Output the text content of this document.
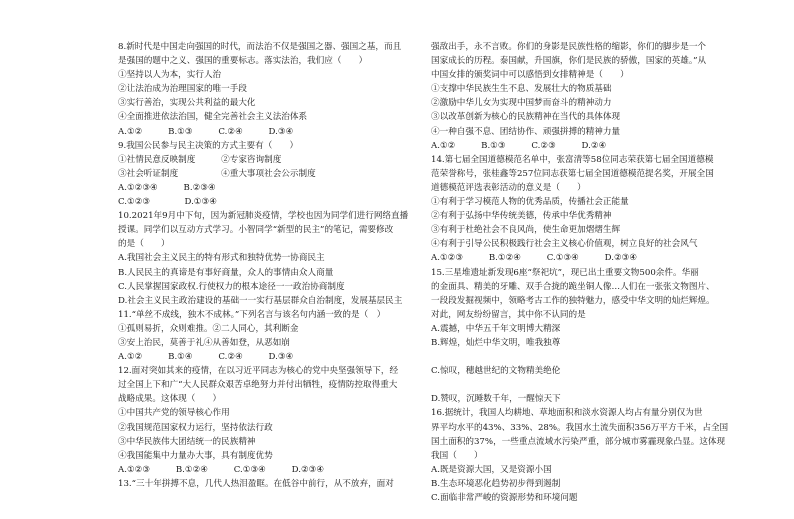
8.新时代是中国走向强国的时代，而法治不仅是强国之器、强国之基，而且
是强国的题中之义、强国的重要标志。落实法治，我们应（　　）
①坚持以人为本，实行人治
②让法治成为治理国家的唯一手段
③实行善治，实现公共利益的最大化
④全面推进依法治国，健全完善社会主义法治体系
A.①②　　　B.①③　　　C.②④　　　D.③④
9.我国公民参与民主决策的方式主要有（　　）
①社情民意反映制度　　　②专家咨询制度
③社会听证制度　　　　　④重大事项社会公示制度
A.①②③④　　　B.②③④
C.①②③　　　　D.①③④
10.2021年9月中下旬，因为新冠肺炎疫情，学校也因为同学们进行网络直播
授课。同学们以互动方式学习。小智同学“新型的民主”的笔记，需要修改
的是（　　）
A.我国社会主义民主的特有形式和独特优势一协商民主
B.人民民主的真谛是有事好商量，众人的事情由众人商量
C.人民掌握国家政权.行使权力的根本途径一一政治协商制度
D.社会主义民主政治建设的基础一一实行基层群众自治制度，发展基层民主
11.“单丝不成线，独木不成林。”下列名言与该名句内涵一致的是（　）
①孤则易折，众则难推。②二人同心，其利断金
③安上治民，莫善于礼④从善如登，从恶如崩
A.①②　　　B.①④　　　C.②④　　　D.③④
12.面对突如其来的疫情，在以习近平同志为核心的党中央坚强领导下，经
过全国上下和广“大人民群众艰苦卓绝努力并付出牺牲，疫情防控取得重大
战略成果。这体现（　　）
①中国共产党的领导核心作用
②我国规范国家权力运行，坚持依法行政
③中华民族伟大团结统一的民族精神
④我国能集中力量办大事，具有制度优势
A.①②③　　　B.①②④　　　C.①③④　　　D.②③④
13.“三十年拼搏不息，几代人热泪盈眶。在低谷中前行，从不放弃，面对
强敌出手，永不言败。你们的身影是民族性格的缩影，你们的脚步是一个
国家成长的历程。泰国献，升国旗，你们是民族的骄傲，国家的英雄。”从
中国女排的颁奖词中可以感悟到女排精神是（　　）
①支撑中华民族生生不息、发展壮大的物质基础
②激励中华儿女为实现中国梦而奋斗的精神动力
③以改革创新为核心的民族精神在当代的具体体现
④一种自强不息、团结协作、顽强拼搏的精神力量
A.①②　　　B.①③　　　C.②③　　　D.②④
14.第七届全国道德模范名单中，张富清等58位同志荣获第七届全国道德模
范荣誉称号，张桂鑫等257位同志获第七届全国道德模范提名奖，开展全国
道德模范评选表彰活动的意义是（　　）
①有利于学习模范人物的优秀品质，传播社会正能量
②有利于弘扬中华传统美德，传承中华优秀精神
③有利于杜绝社会不良风尚，使生命更加熠熠生辉
④有利于引导公民积极践行社会主义核心价值观，树立良好的社会风气
A.①②③　　　B.①②④　　　C.①③④　　　D.②③④
15.三星堆遗址新发现6座“祭祀坑”，现已出土重要文物500余件。华丽
的金面具、精美的牙雕、双手合拢的跪坐铜人像…人们在一张张文物图片、
一段段发掘视频中，领略考古工作的独特魅力，感受中华文明的灿烂辉煌。
对此，网友纷纷留言，其中你不认同的是
A.震撼，中华五千年文明博大精深
B.辉煌，灿烂中华文明，唯我独尊

C.惊叹，穗越世纪的文物精美绝伦

D.赞叹，沉睡数千年，一醒惊天下
16.据统计，我国人均耕地、草地面积和淡水资源人均占有量分别仅为世
界平均水平的43%、33%、28%。我国水土流失面积356万平方千米，占全国
国土面积的37%，一些重点流域水污染严重，部分城市雾霾现象凸显。这体现
我国（　　）
A.既是资源大国，又是资源小国
B.生态环境恶化趋势初步得到遏制
C.面临非常严峻的资源形势和环境问题
